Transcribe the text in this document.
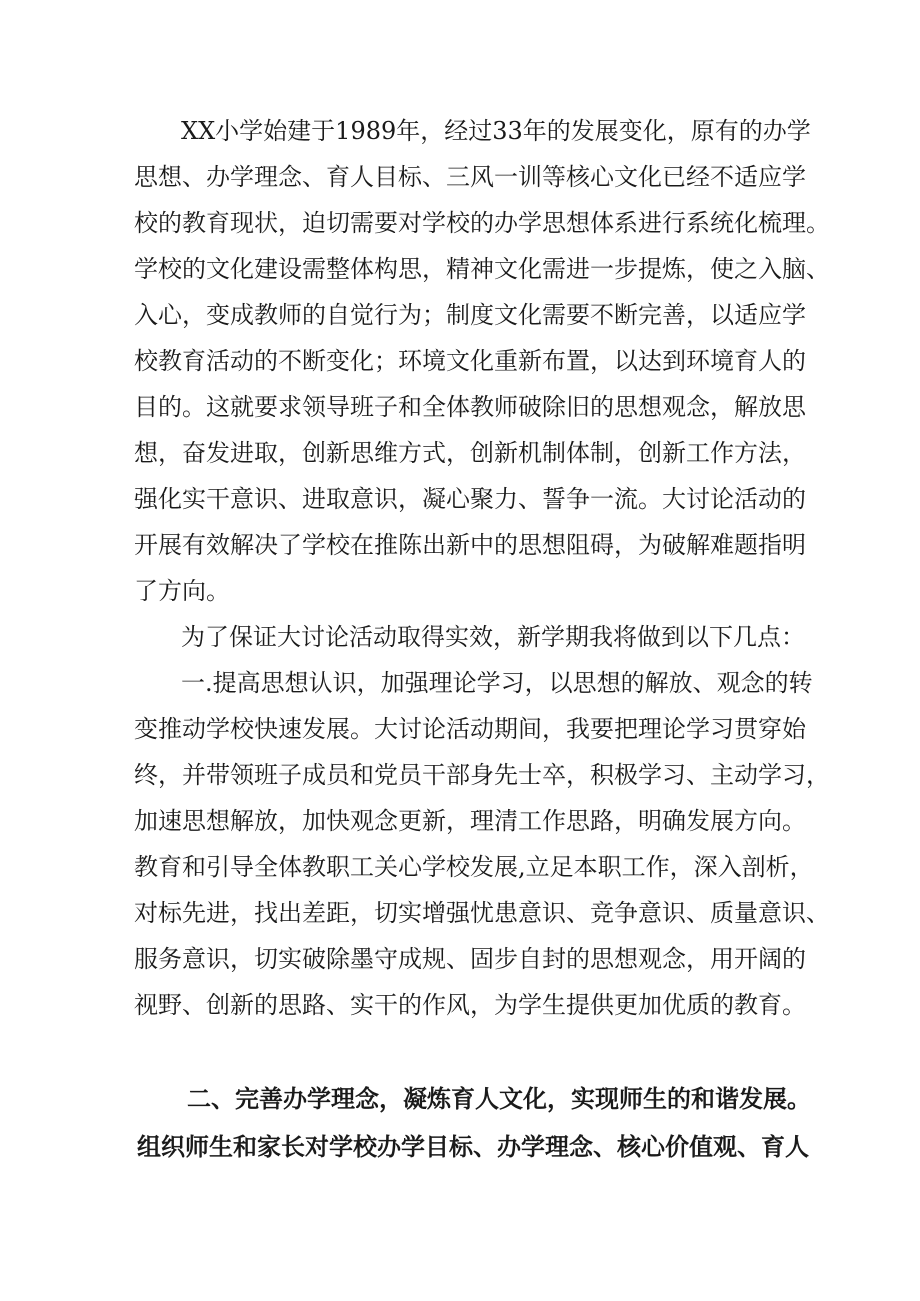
XX小学始建于1989年，经过33年的发展变化，原有的办学
思想、办学理念、育人目标、三风一训等核心文化已经不适应学
校的教育现状，迫切需要对学校的办学思想体系进行系统化梳理。
学校的文化建设需整体构思，精神文化需进一步提炼，使之入脑、
入心，变成教师的自觉行为；制度文化需要不断完善，以适应学
校教育活动的不断变化；环境文化重新布置，以达到环境育人的
目的。这就要求领导班子和全体教师破除旧的思想观念，解放思
想，奋发进取，创新思维方式，创新机制体制，创新工作方法，
强化实干意识、进取意识，凝心聚力、誓争一流。大讨论活动的
开展有效解决了学校在推陈出新中的思想阻碍，为破解难题指明
了方向。
为了保证大讨论活动取得实效，新学期我将做到以下几点：
一.提高思想认识，加强理论学习，以思想的解放、观念的转
变推动学校快速发展。大讨论活动期间，我要把理论学习贯穿始
终，并带领班子成员和党员干部身先士卒，积极学习、主动学习，
加速思想解放，加快观念更新，理清工作思路，明确发展方向。
教育和引导全体教职工关心学校发展,立足本职工作，深入剖析，
对标先进，找出差距，切实增强忧患意识、竞争意识、质量意识、
服务意识，切实破除墨守成规、固步自封的思想观念，用开阔的
视野、创新的思路、实干的作风，为学生提供更加优质的教育。
二、完善办学理念，凝炼育人文化，实现师生的和谐发展。
组织师生和家长对学校办学目标、办学理念、核心价值观、育人
